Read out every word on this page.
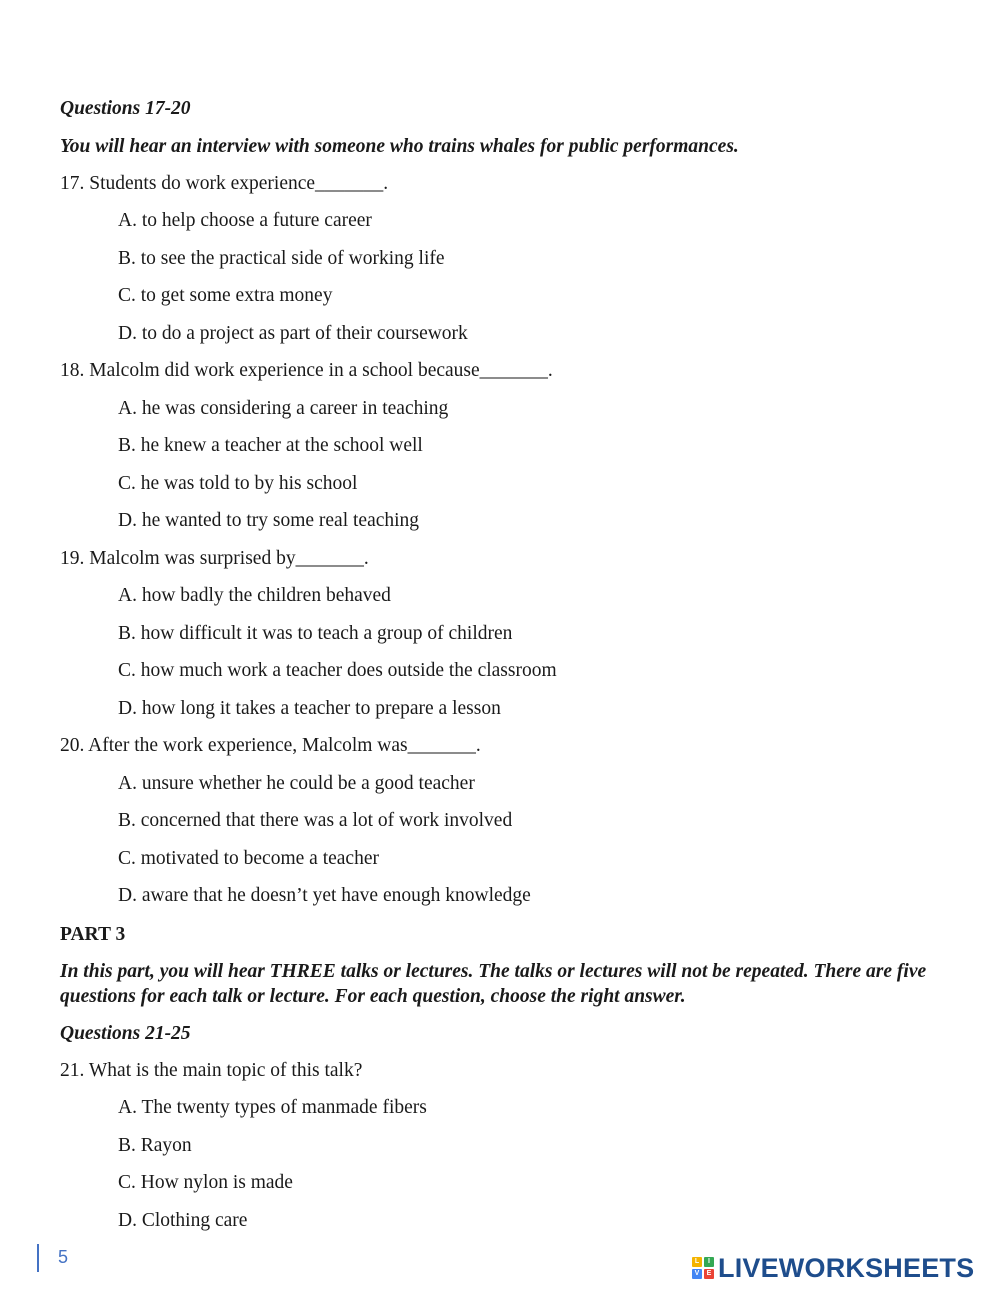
Questions 17-20
You will hear an interview with someone who trains whales for public performances.
17. Students do work experience_______.
A. to help choose a future career
B. to see the practical side of working life
C. to get some extra money
D. to do a project as part of their coursework
18. Malcolm did work experience in a school because_______.
A. he was considering a career in teaching
B. he knew a teacher at the school well
C. he was told to by his school
D. he wanted to try some real teaching
19. Malcolm was surprised by_______.
A. how badly the children behaved
B. how difficult it was to teach a group of children
C. how much work a teacher does outside the classroom
D. how long it takes a teacher to prepare a lesson
20. After the work experience, Malcolm was_______.
A. unsure whether he could be a good teacher
B. concerned that there was a lot of work involved
C. motivated to become a teacher
D. aware that he doesn’t yet have enough knowledge
PART 3
In this part, you will hear THREE talks or lectures. The talks or lectures will not be repeated. There are five questions for each talk or lecture. For each question, choose the right answer.
Questions 21-25
21. What is the main topic of this talk?
A. The twenty types of manmade fibers
B. Rayon
C. How nylon is made
D. Clothing care
5	L	I
V	E LIVEWORKSHEETS
